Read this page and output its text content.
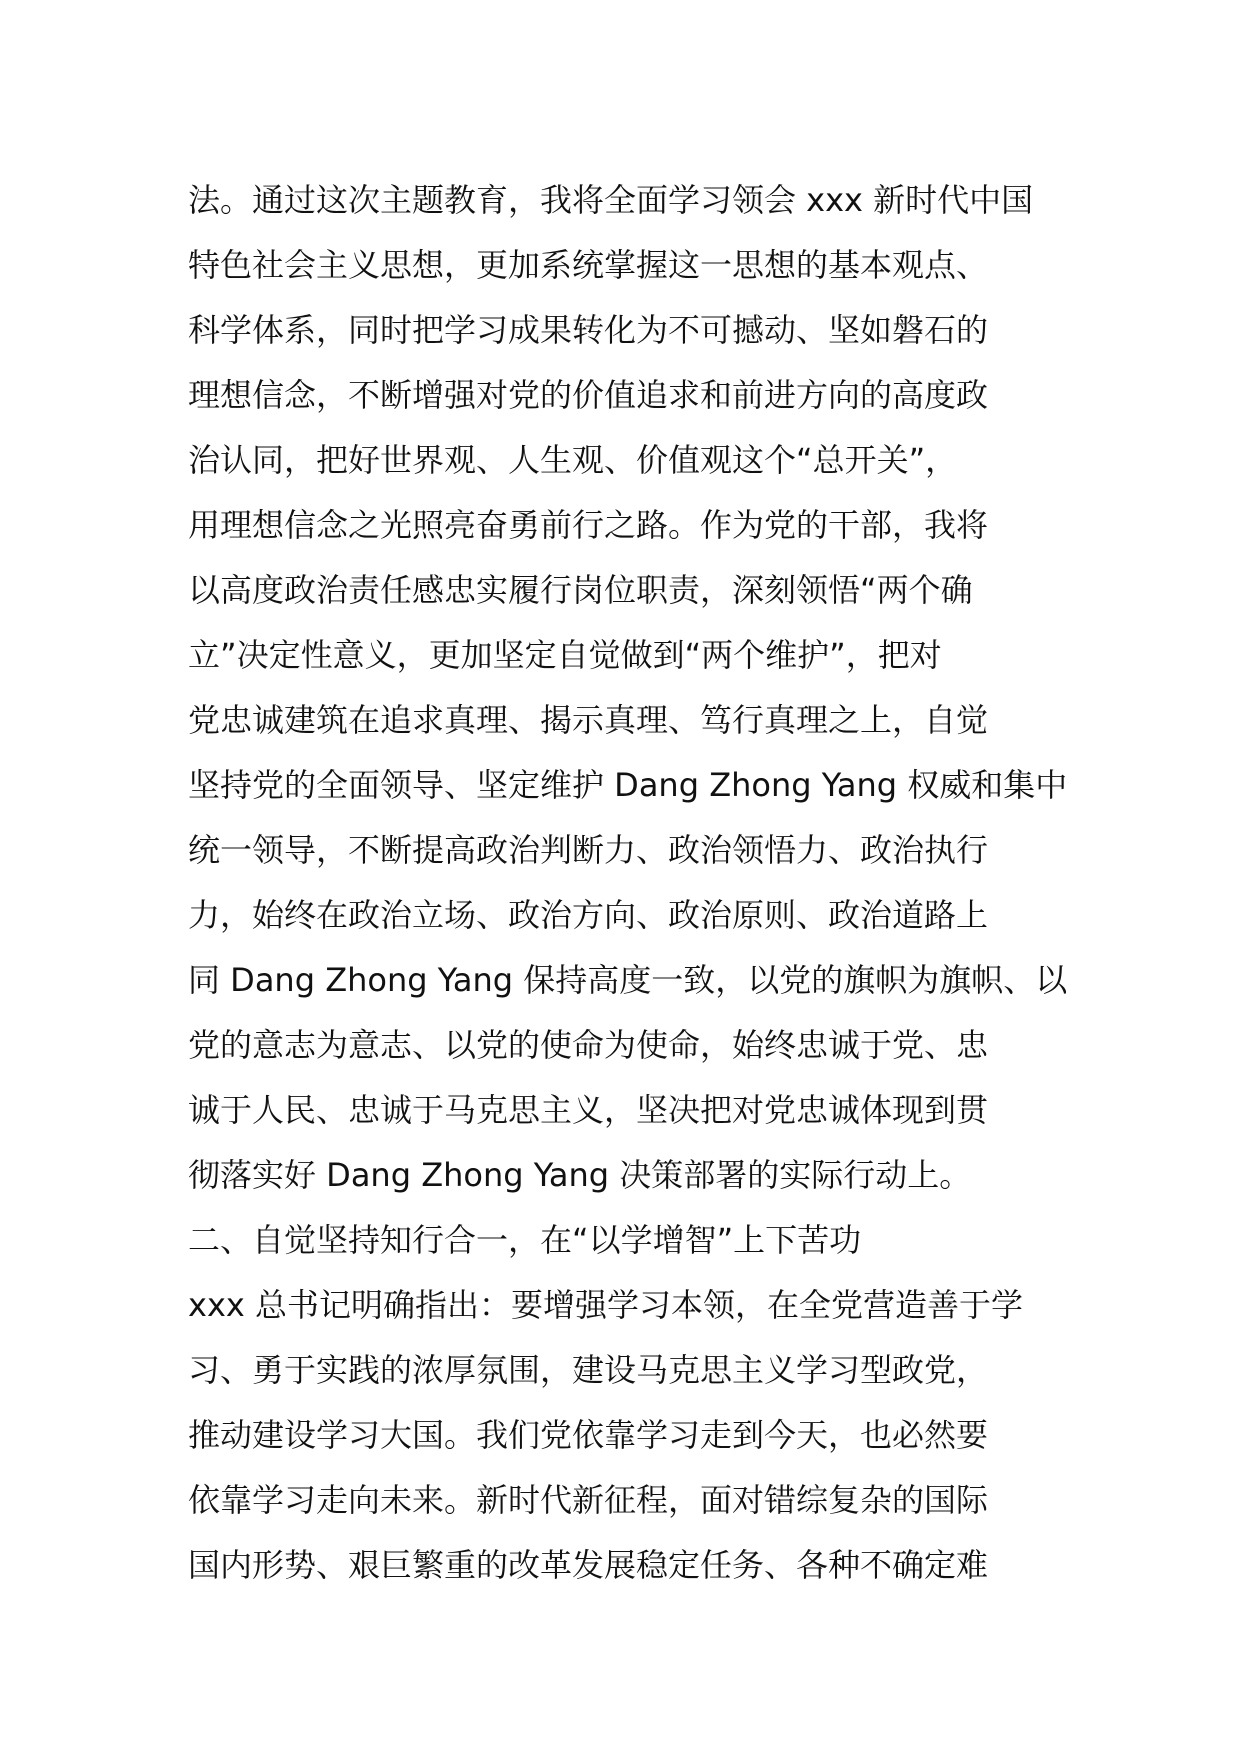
法。通过这次主题教育，我将全面学习领会 xxx 新时代中国
特色社会主义思想，更加系统掌握这一思想的基本观点、
科学体系，同时把学习成果转化为不可撼动、坚如磐石的
理想信念，不断增强对党的价值追求和前进方向的高度政
治认同，把好世界观、人生观、价值观这个“总开关”，
用理想信念之光照亮奋勇前行之路。作为党的干部，我将
以高度政治责任感忠实履行岗位职责，深刻领悟“两个确
立”决定性意义，更加坚定自觉做到“两个维护”，把对
党忠诚建筑在追求真理、揭示真理、笃行真理之上，自觉
坚持党的全面领导、坚定维护 Dang Zhong Yang 权威和集中
统一领导，不断提高政治判断力、政治领悟力、政治执行
力，始终在政治立场、政治方向、政治原则、政治道路上
同 Dang Zhong Yang 保持高度一致，以党的旗帜为旗帜、以
党的意志为意志、以党的使命为使命，始终忠诚于党、忠
诚于人民、忠诚于马克思主义，坚决把对党忠诚体现到贯
彻落实好 Dang Zhong Yang 决策部署的实际行动上。
二、自觉坚持知行合一，在“以学增智”上下苦功
xxx 总书记明确指出：要增强学习本领，在全党营造善于学
习、勇于实践的浓厚氛围，建设马克思主义学习型政党，
推动建设学习大国。我们党依靠学习走到今天，也必然要
依靠学习走向未来。新时代新征程，面对错综复杂的国际
国内形势、艰巨繁重的改革发展稳定任务、各种不确定难
